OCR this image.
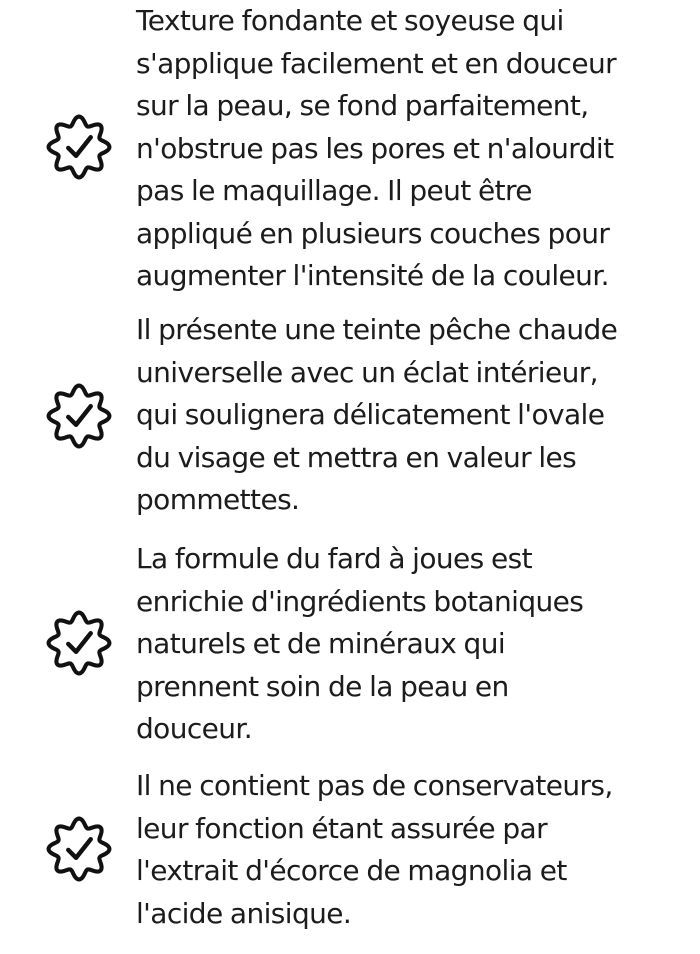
Texture fondante et soyeuse qui
s'applique facilement et en douceur
sur la peau, se fond parfaitement,
n'obstrue pas les pores et n'alourdit
pas le maquillage. Il peut être
appliqué en plusieurs couches pour
augmenter l'intensité de la couleur.

Il présente une teinte pêche chaude
universelle avec un éclat intérieur,
qui soulignera délicatement l'ovale
du visage et mettra en valeur les
pommettes.

La formule du fard à joues est
enrichie d'ingrédients botaniques
naturels et de minéraux qui
prennent soin de la peau en
douceur.

Il ne contient pas de conservateurs,
leur fonction étant assurée par
l'extrait d'écorce de magnolia et
l'acide anisique.
